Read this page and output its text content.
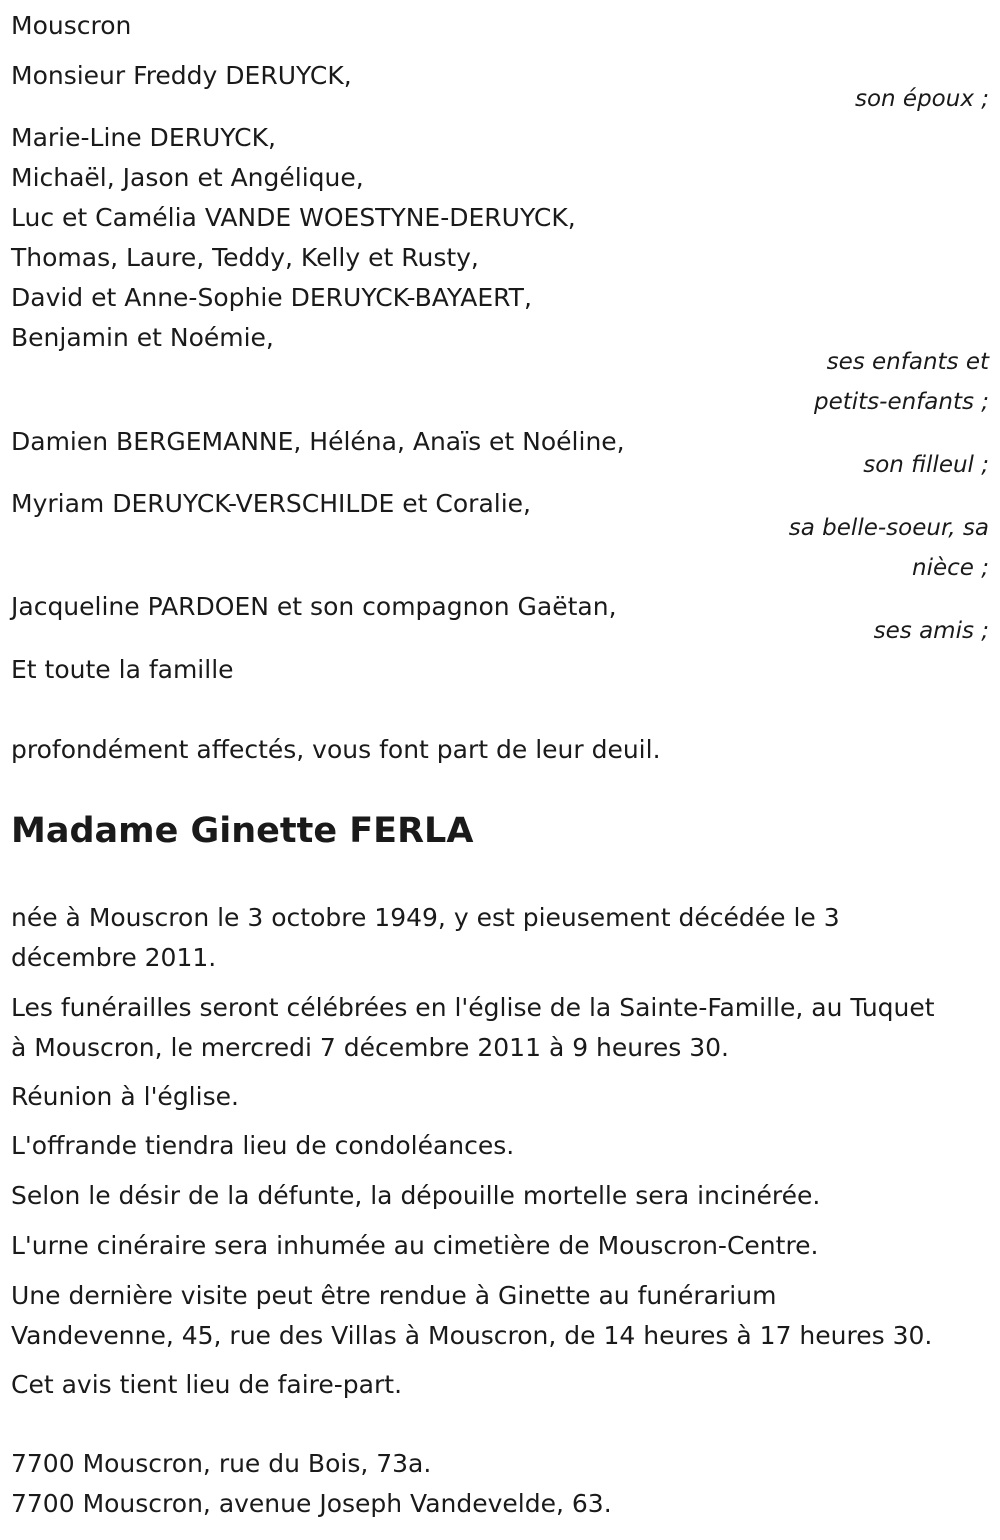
Mouscron
Monsieur Freddy DERUYCK,
son époux ;
Marie-Line DERUYCK,
Michaël, Jason et Angélique,
Luc et Camélia VANDE WOESTYNE-DERUYCK,
Thomas, Laure, Teddy, Kelly et Rusty,
David et Anne-Sophie DERUYCK-BAYAERT,
Benjamin et Noémie,
ses enfants et
petits-enfants ;
Damien BERGEMANNE, Héléna, Anaïs et Noéline,
son filleul ;
Myriam DERUYCK-VERSCHILDE et Coralie,
sa belle-soeur, sa
nièce ;
Jacqueline PARDOEN et son compagnon Gaëtan,
ses amis ;
Et toute la famille
profondément affectés, vous font part de leur deuil.
Madame Ginette FERLA
née à Mouscron le 3 octobre 1949, y est pieusement décédée le 3
décembre 2011.
Les funérailles seront célébrées en l'église de la Sainte-Famille, au Tuquet
à Mouscron, le mercredi 7 décembre 2011 à 9 heures 30.
Réunion à l'église.
L'offrande tiendra lieu de condoléances.
Selon le désir de la défunte, la dépouille mortelle sera incinérée.
L'urne cinéraire sera inhumée au cimetière de Mouscron-Centre.
Une dernière visite peut être rendue à Ginette au funérarium
Vandevenne, 45, rue des Villas à Mouscron, de 14 heures à 17 heures 30.
Cet avis tient lieu de faire-part.
7700 Mouscron, rue du Bois, 73a.
7700 Mouscron, avenue Joseph Vandevelde, 63.
